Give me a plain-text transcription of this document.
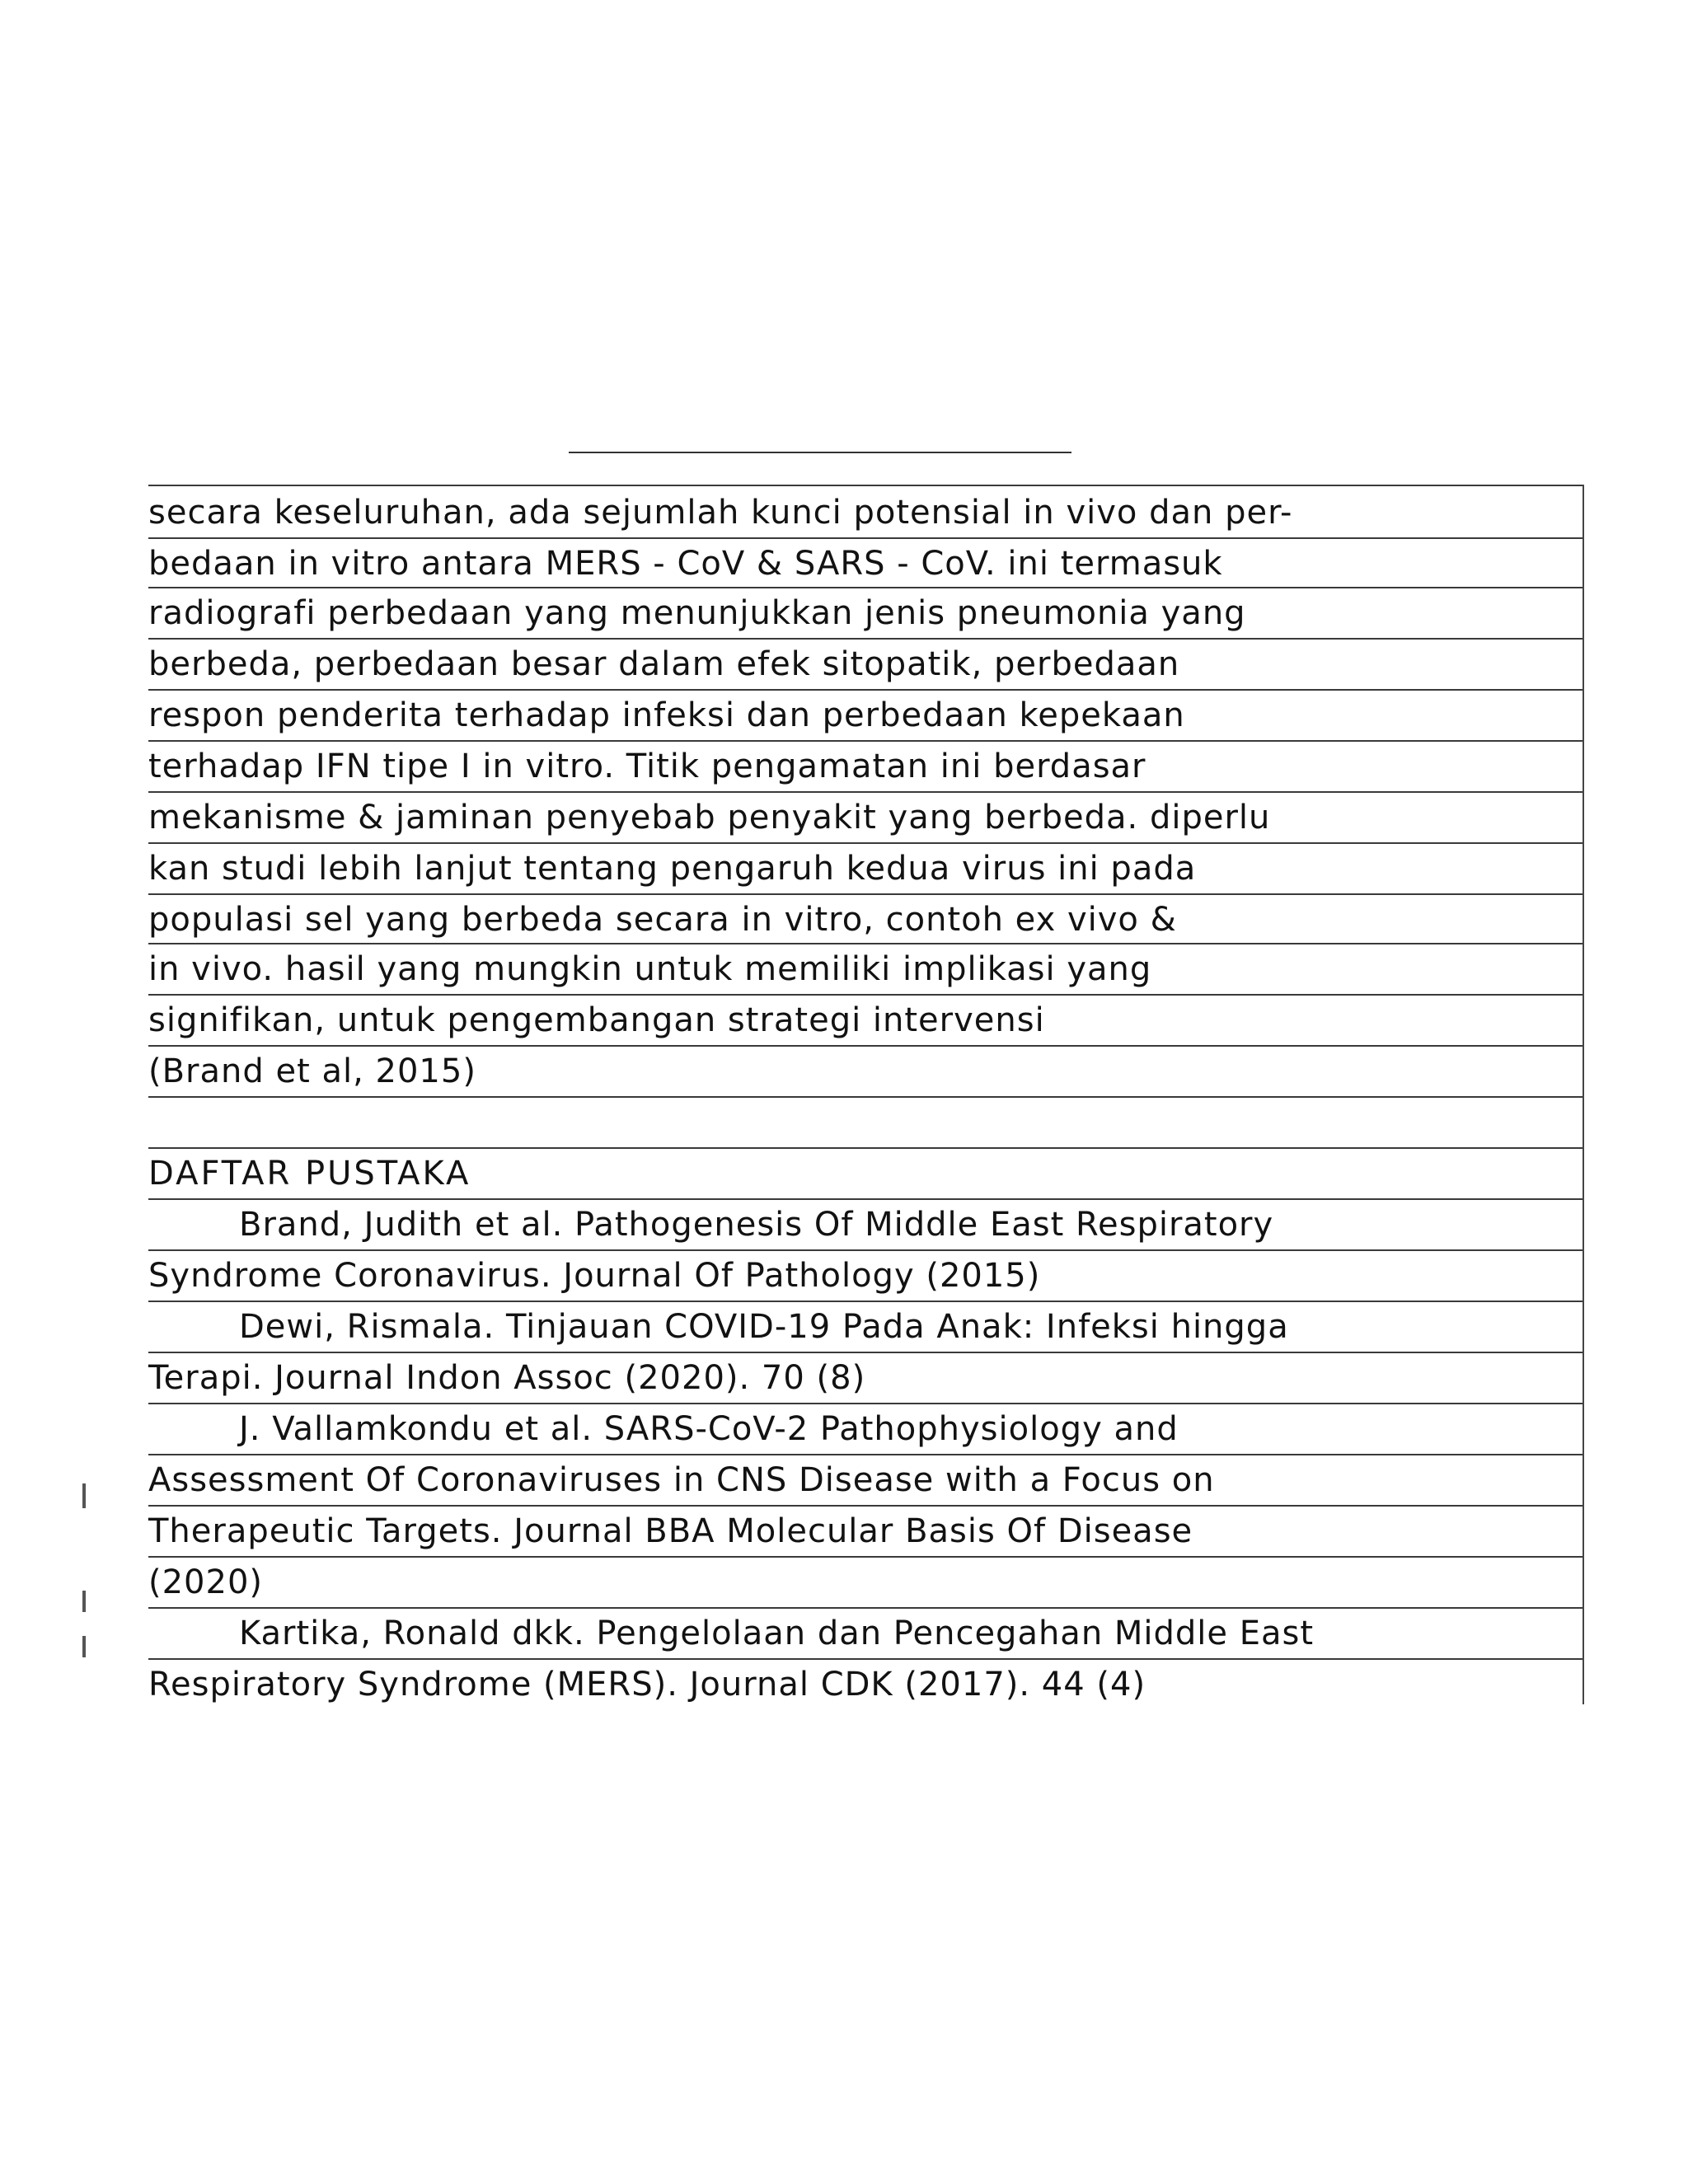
secara keseluruhan, ada sejumlah kunci potensial in vivo dan per-
bedaan in vitro antara MERS - CoV & SARS - CoV. ini termasuk
radiografi perbedaan yang menunjukkan jenis pneumonia yang
berbeda, perbedaan besar dalam efek sitopatik, perbedaan
respon penderita terhadap infeksi dan perbedaan kepekaan
terhadap IFN tipe I in vitro. Titik pengamatan ini berdasar
mekanisme & jaminan penyebab penyakit yang berbeda. diperlu
kan studi lebih lanjut tentang pengaruh kedua virus ini pada
populasi sel yang berbeda secara in vitro, contoh ex vivo &
in vivo. hasil yang mungkin untuk memiliki implikasi yang
signifikan, untuk pengembangan strategi intervensi
(Brand et al, 2015)
DAFTAR PUSTAKA
Brand, Judith et al. Pathogenesis Of Middle East Respiratory
Syndrome Coronavirus. Journal Of Pathology (2015)
Dewi, Rismala. Tinjauan COVID-19 Pada Anak: Infeksi hingga
Terapi. Journal Indon Assoc (2020). 70 (8)
J. Vallamkondu et al. SARS-CoV-2 Pathophysiology and
Assessment Of Coronaviruses in CNS Disease with a Focus on
Therapeutic Targets. Journal BBA Molecular Basis Of Disease
(2020)
Kartika, Ronald dkk. Pengelolaan dan Pencegahan Middle East
Respiratory Syndrome (MERS). Journal CDK (2017). 44 (4)
